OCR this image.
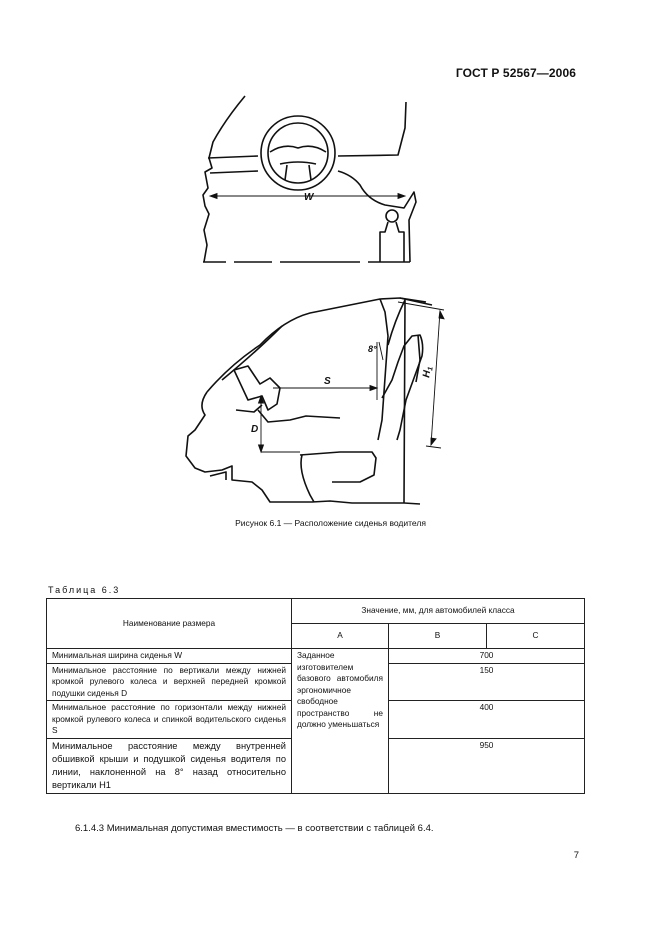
ГОСТ Р 52567—2006
W
8°
S
D
$H_1$
Рисунок 6.1 — Расположение сиденья водителя
Таблица 6.3
Наименование размера	Значение, мм, для автомобилей класса		
	А	В	С
Минимальная ширина сиденья W	Заданное изготовителем базового автомобиля эргономичное свободное пространство не должно уменьшаться	700	
Минимальное расстояние по вертикали между нижней кромкой рулевого колеса и верхней передней кромкой подушки сиденья D		150	
Минимальное расстояние по горизонтали между нижней кромкой рулевого колеса и спинкой водительского сиденья S		400	
Минимальное расстояние между внутренней обшивкой крыши и подушкой сиденья водителя по линии, наклоненной на 8° назад относительно вертикали H1		950	
6.1.4.3 Минимальная допустимая вместимость — в соответствии с таблицей 6.4.
7
